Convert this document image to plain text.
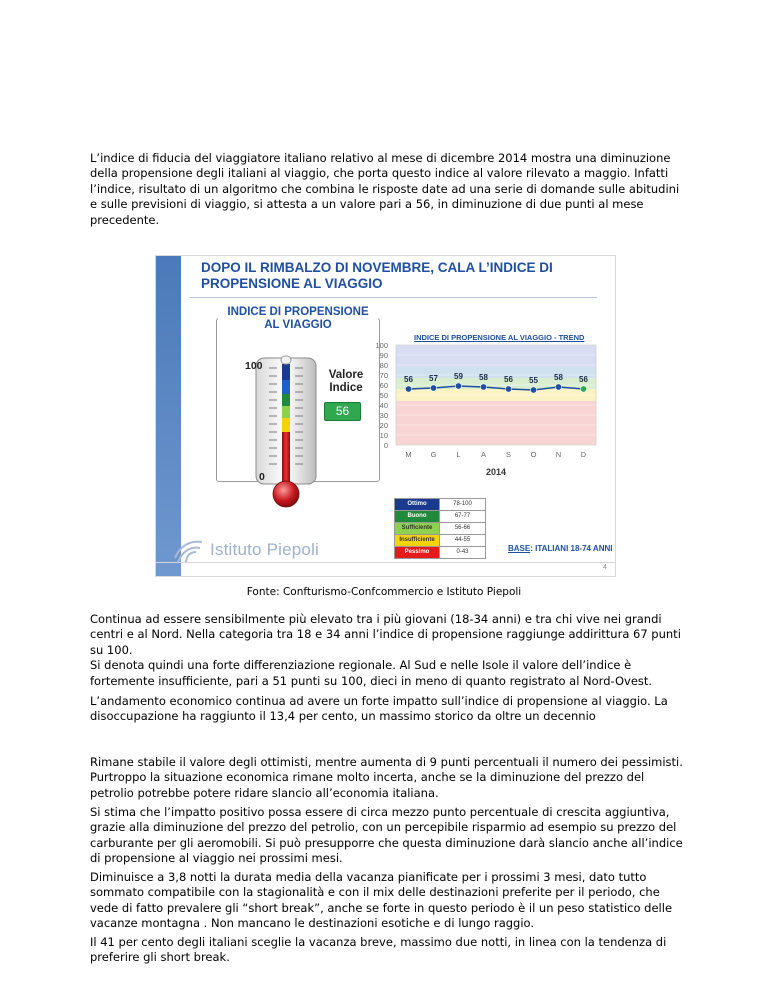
L’indice di fiducia del viaggiatore italiano relativo al mese di dicembre 2014 mostra una diminuzione
della propensione degli italiani al viaggio, che porta questo indice al valore rilevato a maggio. Infatti
l’indice, risultato di un algoritmo che combina le risposte date ad una serie di domande sulle abitudini
e sulle previsioni di viaggio, si attesta a un valore pari a 56, in diminuzione di due punti al mese
precedente.

DOPO IL RIMBALZO DI NOVEMBRE, CALA L’INDICE DI
PROPENSIONE AL VIAGGIO

INDICE DI PROPENSIONE
AL VIAGGIO

100
0
Valore
Indice
56
INDICE DI PROPENSIONE AL VIAGGIO - TREND
0
10
20
30
40
50
60
70
80
90
100
M	G	L	A	S	O	N	D
2014
56 57 59 58 56 55 58 56
Ottimo	78-100
Buono	67-77
Sufficiente	56-66
Insufficiente	44-55
Pessimo	0-43
Istituto Piepoli	BASE: ITALIANI 18-74 ANNI
4
Fonte: Confturismo-Confcommercio e Istituto Piepoli

Continua ad essere sensibilmente più elevato tra i più giovani (18-34 anni) e tra chi vive nei grandi
centri e al Nord. Nella categoria tra 18 e 34 anni l’indice di propensione raggiunge addirittura 67 punti
su 100.
Si denota quindi una forte differenziazione regionale. Al Sud e nelle Isole il valore dell’indice è
fortemente insufficiente, pari a 51 punti su 100, dieci in meno di quanto registrato al Nord-Ovest.

L’andamento economico continua ad avere un forte impatto sull’indice di propensione al viaggio. La
disoccupazione ha raggiunto il 13,4 per cento, un massimo storico da oltre un decennio

Rimane stabile il valore degli ottimisti, mentre aumenta di 9 punti percentuali il numero dei pessimisti.
Purtroppo la situazione economica rimane molto incerta, anche se la diminuzione del prezzo del
petrolio potrebbe potere ridare slancio all’economia italiana.

Si stima che l’impatto positivo possa essere di circa mezzo punto percentuale di crescita aggiuntiva,
grazie alla diminuzione del prezzo del petrolio, con un percepibile risparmio ad esempio su prezzo del
carburante per gli aeromobili. Si può presupporre che questa diminuzione darà slancio anche all’indice
di propensione al viaggio nei prossimi mesi.

Diminuisce a 3,8 notti la durata media della vacanza pianificate per i prossimi 3 mesi, dato tutto
sommato compatibile con la stagionalità e con il mix delle destinazioni preferite per il periodo, che
vede di fatto prevalere gli “short break”, anche se forte in questo periodo è il un peso statistico delle
vacanze montagna . Non mancano le destinazioni esotiche e di lungo raggio.

Il 41 per cento degli italiani sceglie la vacanza breve, massimo due notti, in linea con la tendenza di
preferire gli short break.
